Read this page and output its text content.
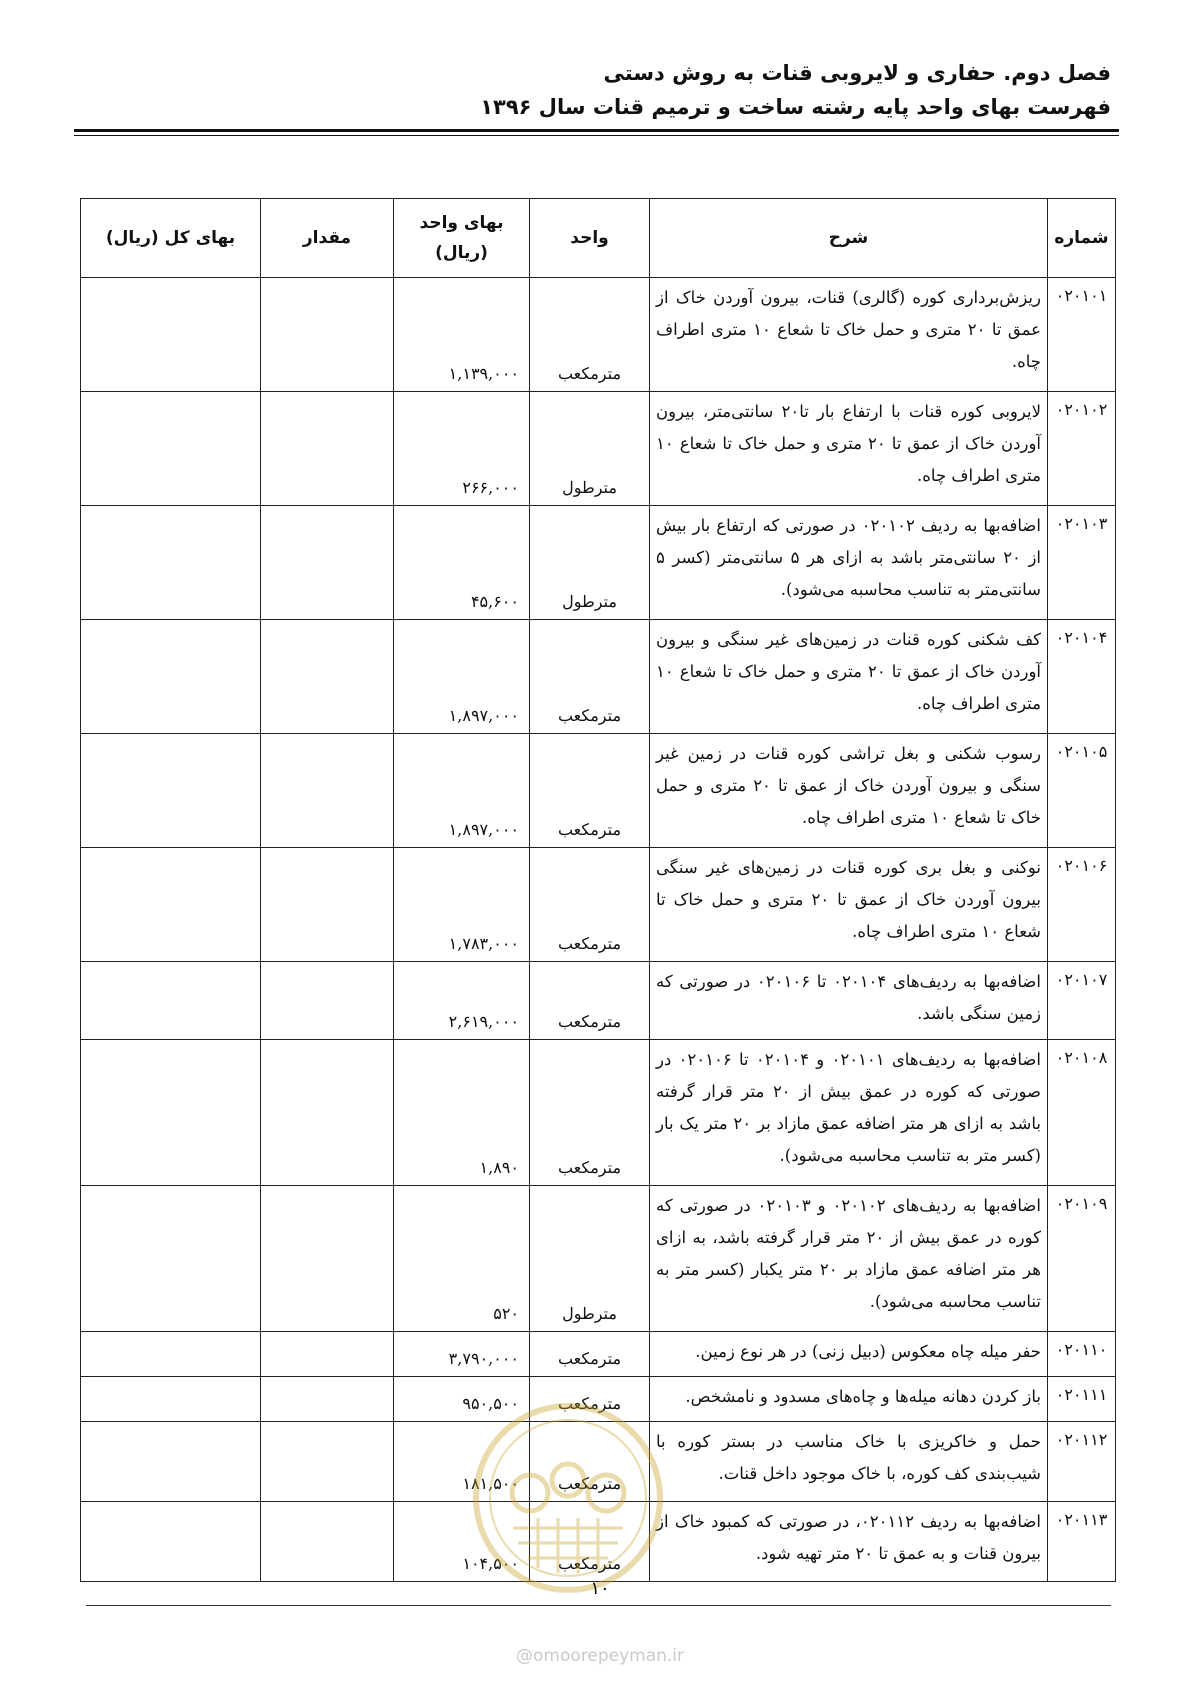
فصل دوم. حفاری و لایروبی قنات به روش دستی
فهرست بهای واحد پایه رشته ساخت و ترمیم قنات سال ۱۳۹۶
شماره	شرح	واحد	بهای واحد (ریال)	مقدار	بهای کل (ریال)
۰۲۰۱۰۱	ریزش‌برداری کوره (گالری) قنات، بیرون آوردن خاک از عمق تا ۲۰ متری و حمل خاک تا شعاع ۱۰ متری اطراف چاه.	مترمکعب	۱,۱۳۹,۰۰۰		
۰۲۰۱۰۲	لایروبی کوره قنات با ارتفاع بار تا۲۰ سانتی‌متر، بیرون آوردن خاک از عمق تا ۲۰ متری و حمل خاک تا شعاع ۱۰ متری اطراف چاه.	مترطول	۲۶۶,۰۰۰		
۰۲۰۱۰۳	اضافه‌بها به ردیف ۰۲۰۱۰۲ در صورتی که ارتفاع بار بیش از ۲۰ سانتی‌متر باشد به ازای هر ۵ سانتی‌متر (کسر ۵ سانتی‌متر به تناسب محاسبه می‌شود).	مترطول	۴۵,۶۰۰		
۰۲۰۱۰۴	کف شکنی کوره قنات در زمین‌های غیر سنگی و بیرون آوردن خاک از عمق تا ۲۰ متری و حمل خاک تا شعاع ۱۰ متری اطراف چاه.	مترمکعب	۱,۸۹۷,۰۰۰		
۰۲۰۱۰۵	رسوب شکنی و بغل تراشی کوره قنات در زمین غیر سنگی و بیرون آوردن خاک از عمق تا ۲۰ متری و حمل خاک تا شعاع ۱۰ متری اطراف چاه.	مترمکعب	۱,۸۹۷,۰۰۰		
۰۲۰۱۰۶	نوکنی و بغل بری کوره قنات در زمین‌های غیر سنگی بیرون آوردن خاک از عمق تا ۲۰ متری و حمل خاک تا شعاع ۱۰ متری اطراف چاه.	مترمکعب	۱,۷۸۳,۰۰۰		
۰۲۰۱۰۷	اضافه‌بها به ردیف‌های ۰۲۰۱۰۴ تا ۰۲۰۱۰۶ در صورتی که زمین سنگی باشد.	مترمکعب	۲,۶۱۹,۰۰۰		
۰۲۰۱۰۸	اضافه‌بها به ردیف‌های ۰۲۰۱۰۱ و ۰۲۰۱۰۴ تا ۰۲۰۱۰۶ در صورتی که کوره در عمق بیش از ۲۰ متر قرار گرفته باشد به ازای هر متر اضافه عمق مازاد بر ۲۰ متر یک بار (کسر متر به تناسب محاسبه می‌شود).	مترمکعب	۱,۸۹۰		
۰۲۰۱۰۹	اضافه‌بها به ردیف‌های ۰۲۰۱۰۲ و ۰۲۰۱۰۳ در صورتی که کوره در عمق بیش از ۲۰ متر قرار گرفته باشد، به ازای هر متر اضافه عمق مازاد بر ۲۰ متر یکبار (کسر متر به تناسب محاسبه می‌شود).	مترطول	۵۲۰		
۰۲۰۱۱۰	حفر میله چاه معکوس (دبیل زنی) در هر نوع زمین.	مترمکعب	۳,۷۹۰,۰۰۰		
۰۲۰۱۱۱	باز کردن دهانه میله‌ها و چاه‌های مسدود و نامشخص.	مترمکعب	۹۵۰,۵۰۰		
۰۲۰۱۱۲	حمل و خاکریزی با خاک مناسب در بستر کوره با شیب‌بندی کف کوره، با خاک موجود داخل قنات.	مترمکعب	۱۸۱,۵۰۰		
۰۲۰۱۱۳	اضافه‌بها به ردیف ۰۲۰۱۱۲، در صورتی که کمبود خاک از بیرون قنات و به عمق تا ۲۰ متر تهیه شود.	مترمکعب	۱۰۴,۵۰۰		
۱۰
@omoorepeyman.ir
